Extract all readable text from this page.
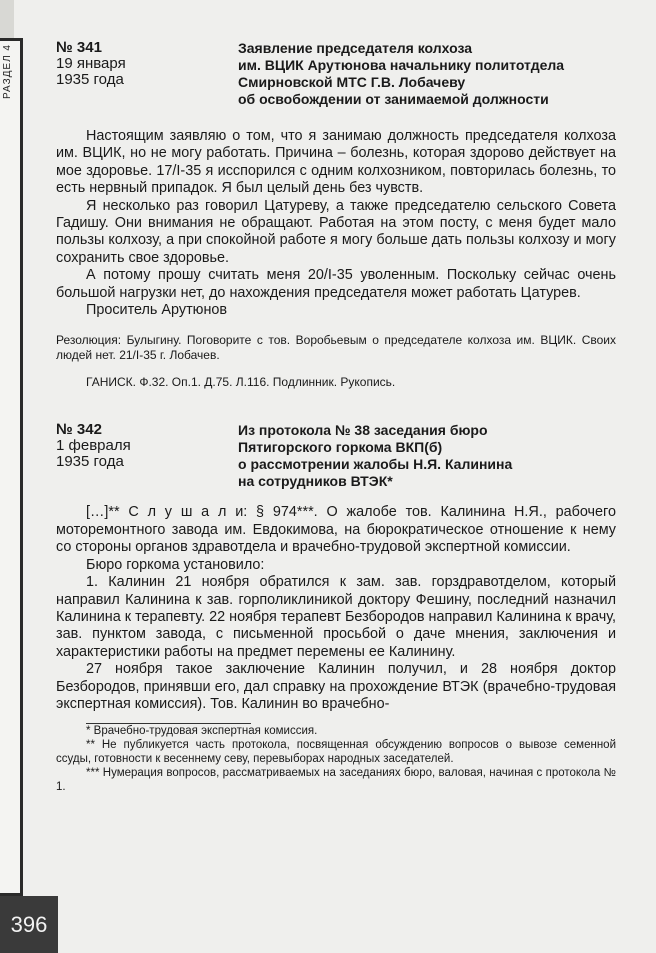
РАЗДЕЛ 4
396
№ 341
19 января
1935 года
Заявление председателя колхоза
им. ВЦИК Арутюнова начальнику политотдела
Смирновской МТС Г.В. Лобачеву
об освобождении от занимаемой должности

Настоящим заявляю о том, что я занимаю должность председателя колхоза им. ВЦИК, но не могу работать. Причина – болезнь, которая здорово действует на мое здоровье. 17/I-35 я исспорился с одним колхозником, повторилась болезнь, то есть нервный припадок. Я был целый день без чувств.

Я несколько раз говорил Цатуреву, а также председателю сельского Совета Гадишу. Они внимания не обращают. Работая на этом посту, с меня будет мало пользы колхозу, а при спокойной работе я могу больше дать пользы колхозу и могу сохранить свое здоровье.

А потому прошу считать меня 20/I-35 уволенным. Поскольку сейчас очень большой нагрузки нет, до нахождения председателя может работать Цатурев.

Проситель Арутюнов

Резолюция: Булыгину. Поговорите с тов. Воробьевым о председателе колхоза им. ВЦИК. Своих людей нет. 21/I-35 г. Лобачев.

ГАНИСК. Ф.32. Оп.1. Д.75. Л.116. Подлинник. Рукопись.

№ 342
1 февраля
1935 года
Из протокола № 38 заседания бюро
Пятигорского горкома ВКП(б)
о рассмотрении жалобы Н.Я. Калинина
на сотрудников ВТЭК*

[…]** С л у ш а л и: § 974***. О жалобе тов. Калинина Н.Я., рабочего моторемонтного завода им. Евдокимова, на бюрократическое отношение к нему со стороны органов здравотдела и врачебно-трудовой экспертной комиссии.

Бюро горкома установило:

1. Калинин 21 ноября обратился к зам. зав. горздравотделом, который направил Калинина к зав. горполиклиникой доктору Фешину, последний назначил Калинина к терапевту. 22 ноября терапевт Безбородов направил Калинина к врачу, зав. пунктом завода, с письменной просьбой о даче мнения, заключения и характеристики работы на предмет перемены ее Калинину.

27 ноября такое заключение Калинин получил, и 28 ноября доктор Безбородов, принявши его, дал справку на прохождение ВТЭК (врачебно-трудовая экспертная комиссия). Тов. Калинин во врачебно-

* Врачебно-трудовая экспертная комиссия.
** Не публикуется часть протокола, посвященная обсуждению вопросов о вывозе семенной ссуды, готовности к весеннему севу, перевыборах народных заседателей.
*** Нумерация вопросов, рассматриваемых на заседаниях бюро, валовая, начиная с протокола № 1.
